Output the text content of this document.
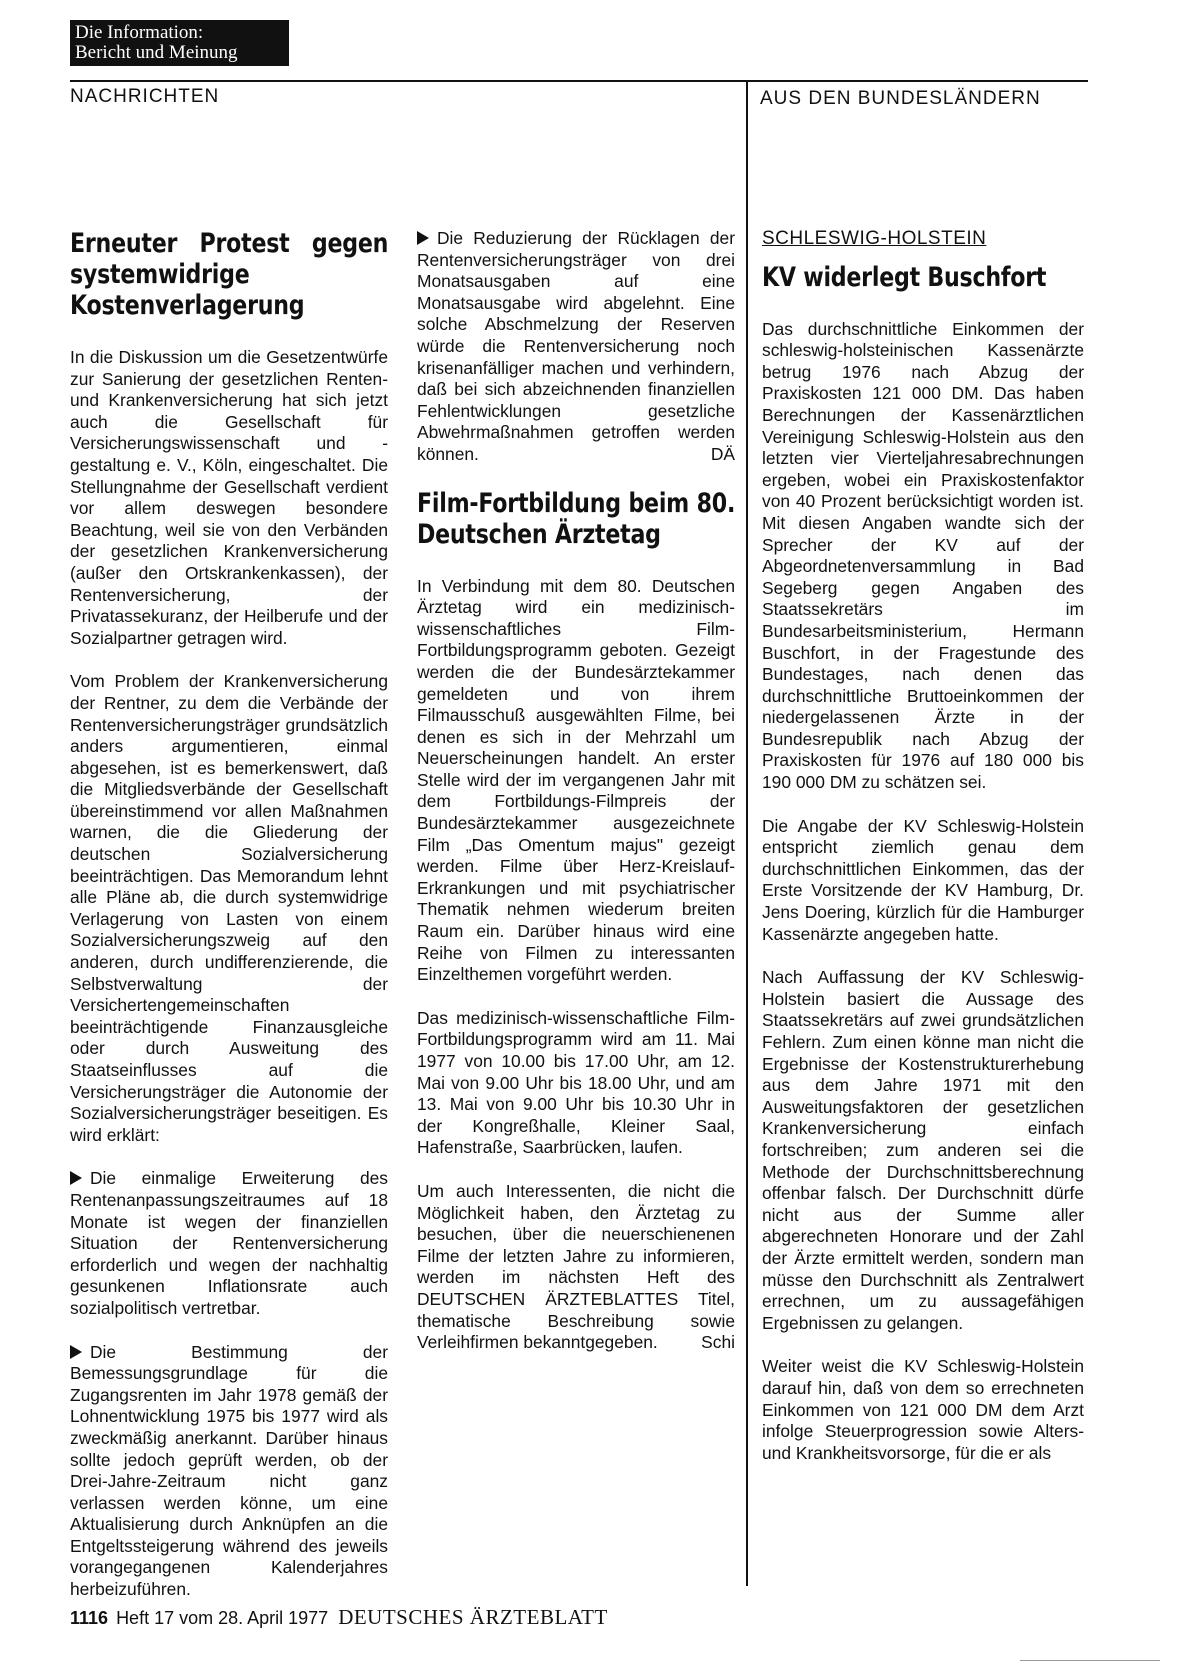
Die Information:
Bericht und Meinung
NACHRICHTEN	AUS DEN BUNDESLÄNDERN
Erneuter Protest gegen systemwidrige Kostenverlagerung

In die Diskussion um die Gesetzentwürfe zur Sanierung der gesetzlichen Renten- und Krankenversicherung hat sich jetzt auch die Gesellschaft für Versicherungswissenschaft und -gestaltung e. V., Köln, eingeschaltet. Die Stellungnahme der Gesellschaft verdient vor allem deswegen besondere Beachtung, weil sie von den Verbänden der gesetzlichen Krankenversicherung (außer den Ortskrankenkassen), der Rentenversicherung, der Privatassekuranz, der Heilberufe und der Sozialpartner getragen wird.

Vom Problem der Krankenversicherung der Rentner, zu dem die Verbände der Rentenversicherungsträger grundsätzlich anders argumentieren, einmal abgesehen, ist es bemerkenswert, daß die Mitgliedsverbände der Gesellschaft übereinstimmend vor allen Maßnahmen warnen, die die Gliederung der deutschen Sozialversicherung beeinträchtigen. Das Memorandum lehnt alle Pläne ab, die durch systemwidrige Verlagerung von Lasten von einem Sozialversicherungszweig auf den anderen, durch undifferenzierende, die Selbstverwaltung der Versichertengemeinschaften beeinträchtigende Finanzausgleiche oder durch Ausweitung des Staatseinflusses auf die Versicherungsträger die Autonomie der Sozialversicherungsträger beseitigen. Es wird erklärt:

Die einmalige Erweiterung des Rentenanpassungszeitraumes auf 18 Monate ist wegen der finanziellen Situation der Rentenversicherung erforderlich und wegen der nachhaltig gesunkenen Inflationsrate auch sozialpolitisch vertretbar.

Die Bestimmung der Bemessungsgrundlage für die Zugangsrenten im Jahr 1978 gemäß der Lohnentwicklung 1975 bis 1977 wird als zweckmäßig anerkannt. Darüber hinaus sollte jedoch geprüft werden, ob der Drei-Jahre-Zeitraum nicht ganz verlassen werden könne, um eine Aktualisierung durch Anknüpfen an die Entgeltssteigerung während des jeweils vorangegangenen Kalenderjahres herbeizuführen.

Die Reduzierung der Rücklagen der Rentenversicherungsträger von drei Monatsausgaben auf eine Monatsausgabe wird abgelehnt. Eine solche Abschmelzung der Reserven würde die Rentenversicherung noch krisenanfälliger machen und verhindern, daß bei sich abzeichnenden finanziellen Fehlentwicklungen gesetzliche Abwehrmaßnahmen getroffen werden können.	DÄ

Film-Fortbildung beim 80. Deutschen Ärztetag

In Verbindung mit dem 80. Deutschen Ärztetag wird ein medizinisch-wissenschaftliches Film-Fortbildungsprogramm geboten. Gezeigt werden die der Bundesärztekammer gemeldeten und von ihrem Filmausschuß ausgewählten Filme, bei denen es sich in der Mehrzahl um Neuerscheinungen handelt. An erster Stelle wird der im vergangenen Jahr mit dem Fortbildungs-Filmpreis der Bundesärztekammer ausgezeichnete Film „Das Omentum majus" gezeigt werden. Filme über Herz-Kreislauf-Erkrankungen und mit psychiatrischer Thematik nehmen wiederum breiten Raum ein. Darüber hinaus wird eine Reihe von Filmen zu interessanten Einzelthemen vorgeführt werden.

Das medizinisch-wissenschaftliche Film-Fortbildungsprogramm wird am 11. Mai 1977 von 10.00 bis 17.00 Uhr, am 12. Mai von 9.00 Uhr bis 18.00 Uhr, und am 13. Mai von 9.00 Uhr bis 10.30 Uhr in der Kongreßhalle, Kleiner Saal, Hafenstraße, Saarbrücken, laufen.

Um auch Interessenten, die nicht die Möglichkeit haben, den Ärztetag zu besuchen, über die neuerschienenen Filme der letzten Jahre zu informieren, werden im nächsten Heft des DEUTSCHEN ÄRZTEBLATTES Titel, thematische Beschreibung sowie Verleihfirmen bekanntgegeben. Schi

SCHLESWIG-HOLSTEIN
KV widerlegt Buschfort

Das durchschnittliche Einkommen der schleswig-holsteinischen Kassenärzte betrug 1976 nach Abzug der Praxiskosten 121 000 DM. Das haben Berechnungen der Kassenärztlichen Vereinigung Schleswig-Holstein aus den letzten vier Vierteljahresabrechnungen ergeben, wobei ein Praxiskostenfaktor von 40 Prozent berücksichtigt worden ist. Mit diesen Angaben wandte sich der Sprecher der KV auf der Abgeordnetenversammlung in Bad Segeberg gegen Angaben des Staatssekretärs im Bundesarbeitsministerium, Hermann Buschfort, in der Fragestunde des Bundestages, nach denen das durchschnittliche Bruttoeinkommen der niedergelassenen Ärzte in der Bundesrepublik nach Abzug der Praxiskosten für 1976 auf 180 000 bis 190 000 DM zu schätzen sei.

Die Angabe der KV Schleswig-Holstein entspricht ziemlich genau dem durchschnittlichen Einkommen, das der Erste Vorsitzende der KV Hamburg, Dr. Jens Doering, kürzlich für die Hamburger Kassenärzte angegeben hatte.

Nach Auffassung der KV Schleswig-Holstein basiert die Aussage des Staatssekretärs auf zwei grundsätzlichen Fehlern. Zum einen könne man nicht die Ergebnisse der Kostenstrukturerhebung aus dem Jahre 1971 mit den Ausweitungsfaktoren der gesetzlichen Krankenversicherung einfach fortschreiben; zum anderen sei die Methode der Durchschnittsberechnung offenbar falsch. Der Durchschnitt dürfe nicht aus der Summe aller abgerechneten Honorare und der Zahl der Ärzte ermittelt werden, sondern man müsse den Durchschnitt als Zentralwert errechnen, um zu aussagefähigen Ergebnissen zu gelangen.

Weiter weist die KV Schleswig-Holstein darauf hin, daß von dem so errechneten Einkommen von 121 000 DM dem Arzt infolge Steuerprogression sowie Alters- und Krankheitsvorsorge, für die er als

1116 Heft 17 vom 28. April 1977 DEUTSCHES ÄRZTEBLATT
